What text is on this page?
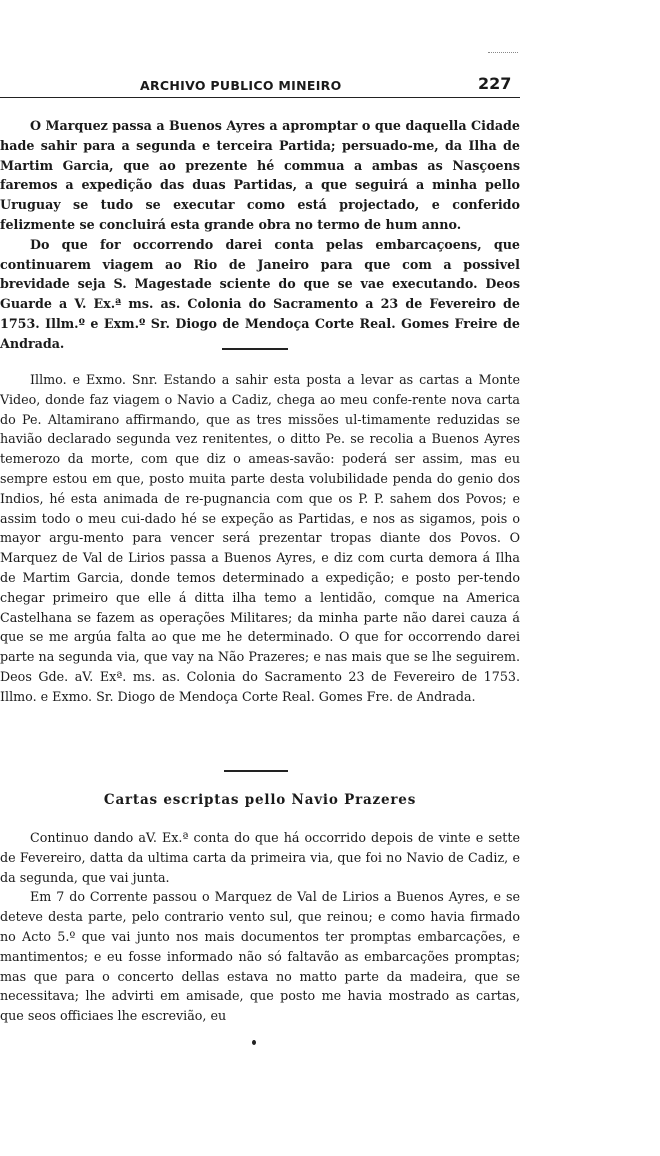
ARCHIVO PUBLICO MINEIRO	227

O Marquez passa a Buenos Ayres a apromptar o que daquella Cidade hade sahir para a segunda e terceira Partida; persuado-me, da Ilha de Martim Garcia, que ao prezente hé commua a ambas as Nasçoens faremos a expedição das duas Partidas, a que seguirá a minha pello Uruguay se tudo se executar como está projectado, e conferido felizmente se concluirá esta grande obra no termo de hum anno.

Do que for occorrendo darei conta pelas embarcaçoens, que continuarem viagem ao Rio de Janeiro para que com a possivel brevidade seja S. Magestade sciente do que se vae executando. Deos Guarde a V. Ex.ª ms. as. Colonia do Sacramento a 23 de Fevereiro de 1753. Illm.º e Exm.º Sr. Diogo de Mendoça Corte Real. Gomes Freire de Andrada.

Illmo. e Exmo. Snr. Estando a sahir esta posta a levar as cartas a Monte Video, donde faz viagem o Navio a Cadiz, chega ao meu confe-rente nova carta do Pe. Altamirano affirmando, que as tres missões ul-timamente reduzidas se havião declarado segunda vez renitentes, o ditto Pe. se recolia a Buenos Ayres temerozo da morte, com que diz o ameas-savão: poderá ser assim, mas eu sempre estou em que, posto muita parte desta volubilidade penda do genio dos Indios, hé esta animada de re-pugnancia com que os P. P. sahem dos Povos; e assim todo o meu cui-dado hé se expeção as Partidas, e nos as sigamos, pois o mayor argu-mento para vencer será prezentar tropas diante dos Povos. O Marquez de Val de Lirios passa a Buenos Ayres, e diz com curta demora á Ilha de Martim Garcia, donde temos determinado a expedição; e posto per-tendo chegar primeiro que elle á ditta ilha temo a lentidão, comque na America Castelhana se fazem as operações Militares; da minha parte não darei cauza á que se me argúa falta ao que me he determinado. O que for occorrendo darei parte na segunda via, que vay na Não Prazeres; e nas mais que se lhe seguirem. Deos Gde. aV. Exª. ms. as. Colonia do Sacramento 23 de Fevereiro de 1753. Illmo. e Exmo. Sr. Diogo de Mendoça Corte Real. Gomes Fre. de Andrada.

Cartas escriptas pello Navio Prazeres

Continuo dando aV. Ex.ª conta do que há occorrido depois de vinte e sette de Fevereiro, datta da ultima carta da primeira via, que foi no Navio de Cadiz, e da segunda, que vai junta.

Em 7 do Corrente passou o Marquez de Val de Lirios a Buenos Ayres, e se deteve desta parte, pelo contrario vento sul, que reinou; e como havia firmado no Acto 5.º que vai junto nos mais documentos ter promptas embarcações, e mantimentos; e eu fosse informado não só faltavão as embarcações promptas; mas que para o concerto dellas estava no matto parte da madeira, que se necessitava; lhe advirti em amisade, que posto me havia mostrado as cartas, que seos officiaes lhe escrevião, eu
